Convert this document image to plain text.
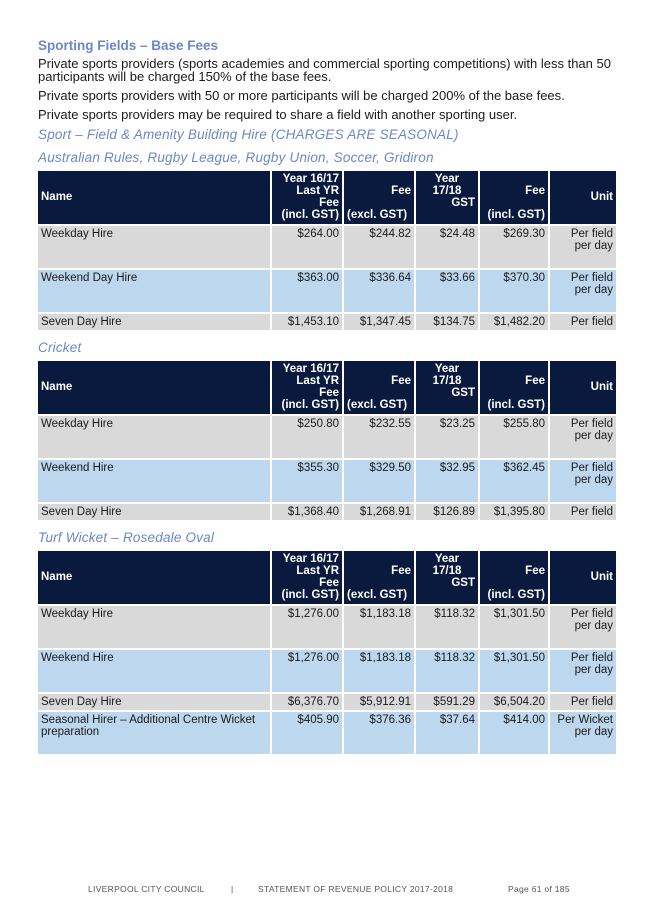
Sporting Fields – Base Fees

Private sports providers (sports academies and commercial sporting competitions) with less than 50 participants will be charged 150% of the base fees.

Private sports providers with 50 or more participants will be charged 200% of the base fees.

Private sports providers may be required to share a field with another sporting user.

Sport – Field & Amenity Building Hire (CHARGES ARE SEASONAL)
Australian Rules, Rugby League, Rugby Union, Soccer, Gridiron
Name	Year 16/17
Last YR Fee
(incl. GST)	Fee
(excl. GST)	Year 17/18
GST	Fee
(incl. GST)	Unit
Weekday Hire	$264.00	$244.82	$24.48	$269.30	Per field per day
Weekend Day Hire	$363.00	$336.64	$33.66	$370.30	Per field per day
Seven Day Hire	$1,453.10	$1,347.45	$134.75	$1,482.20	Per field
Cricket
Name	Year 16/17
Last YR Fee
(incl. GST)	Fee
(excl. GST)	Year 17/18
GST	Fee
(incl. GST)	Unit
Weekday Hire	$250.80	$232.55	$23.25	$255.80	Per field per day
Weekend Hire	$355.30	$329.50	$32.95	$362.45	Per field per day
Seven Day Hire	$1,368.40	$1,268.91	$126.89	$1,395.80	Per field
Turf Wicket – Rosedale Oval
Name	Year 16/17
Last YR Fee
(incl. GST)	Fee
(excl. GST)	Year 17/18
GST	Fee
(incl. GST)	Unit
Weekday Hire	$1,276.00	$1,183.18	$118.32	$1,301.50	Per field per day
Weekend Hire	$1,276.00	$1,183.18	$118.32	$1,301.50	Per field per day
Seven Day Hire	$6,376.70	$5,912.91	$591.29	$6,504.20	Per field
Seasonal Hirer – Additional Centre Wicket preparation	$405.90	$376.36	$37.64	$414.00	Per Wicket per day
LIVERPOOL CITY COUNCIL	|	STATEMENT OF REVENUE POLICY 2017-2018	Page 61 of 185
